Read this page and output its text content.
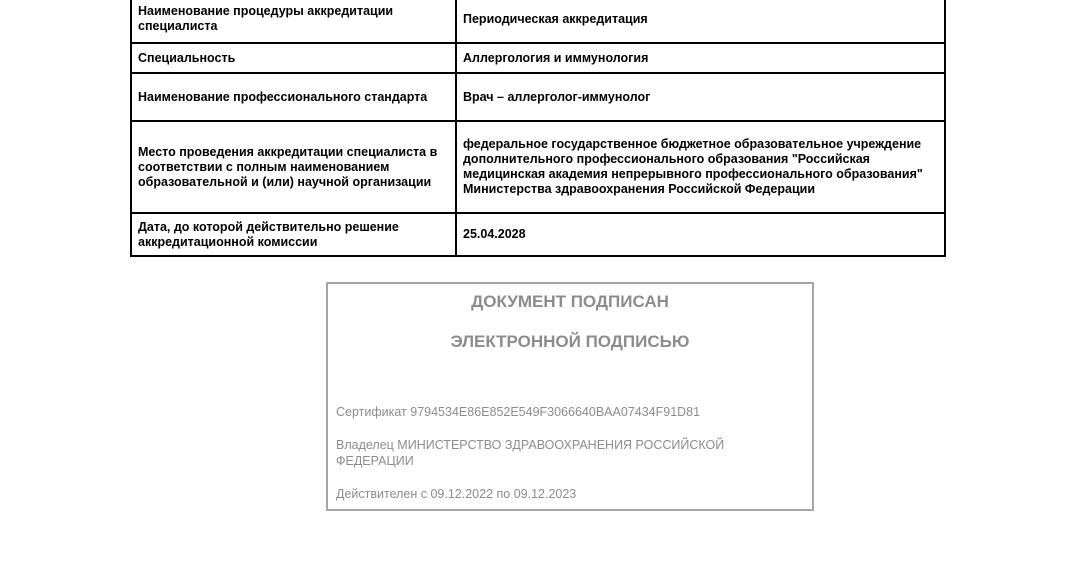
Наименование процедуры аккредитации специалиста	Периодическая аккредитация
Специальность	Аллергология и иммунология
Наименование профессионального стандарта	Врач – аллерголог-иммунолог
Место проведения аккредитации специалиста в соответствии с полным наименованием образовательной и (или) научной организации	федеральное государственное бюджетное образовательное учреждение дополнительного профессионального образования "Российская медицинская академия непрерывного профессионального образования" Министерства здравоохранения Российской Федерации
Дата, до которой действительно решение аккредитационной комиссии	25.04.2028
ДОКУМЕНТ ПОДПИСАН
ЭЛЕКТРОННОЙ ПОДПИСЬЮ
Сертификат 9794534E86E852E549F3066640BAA07434F91D81
Владелец МИНИСТЕРСТВО ЗДРАВООХРАНЕНИЯ РОССИЙСКОЙ ФЕДЕРАЦИИ
Действителен с 09.12.2022 по 09.12.2023
